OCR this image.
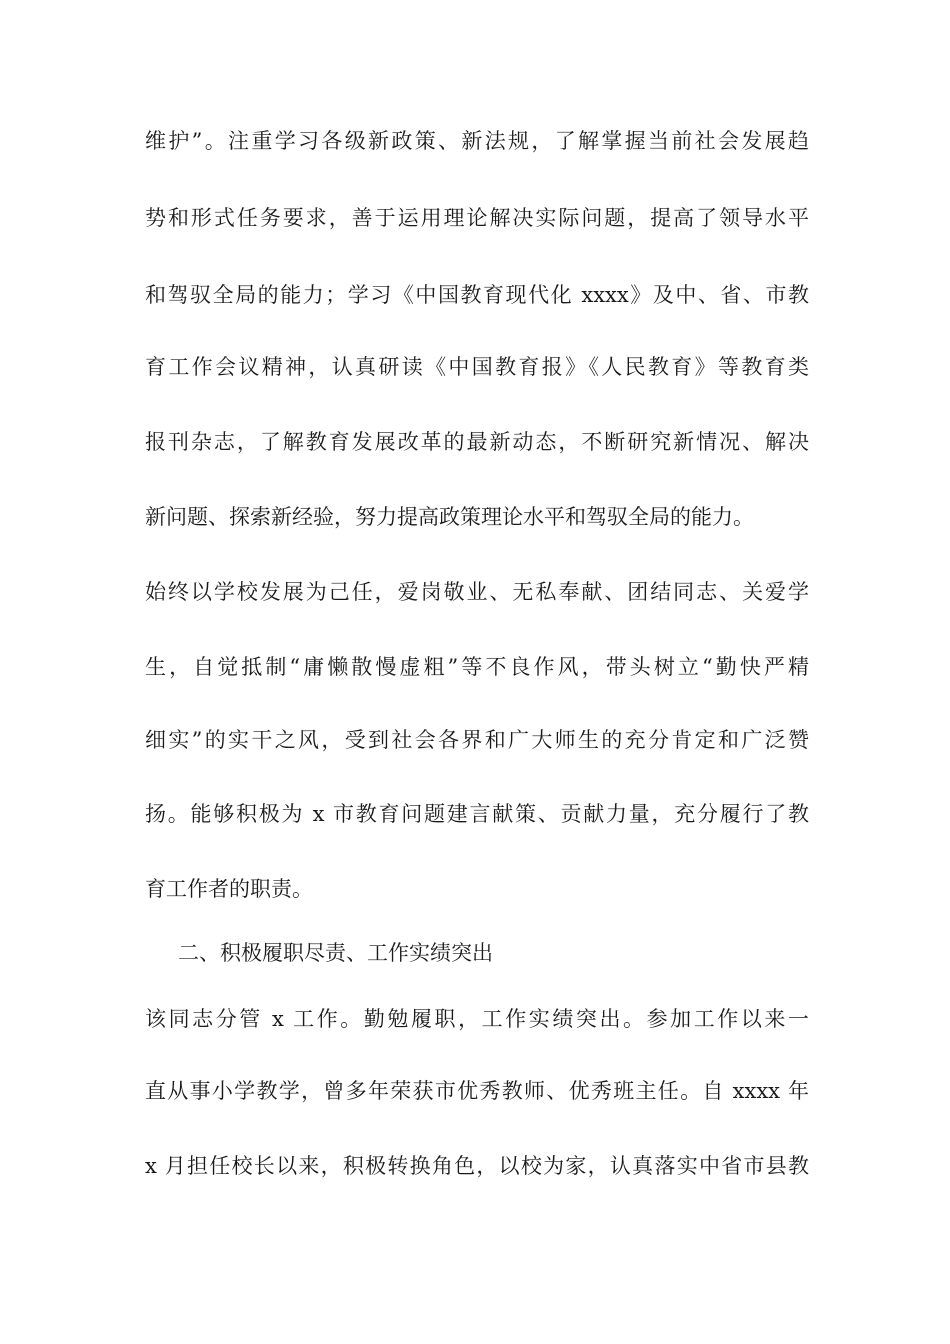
维护”。注重学习各级新政策、新法规，了解掌握当前社会发展趋
势和形式任务要求，善于运用理论解决实际问题，提高了领导水平
和驾驭全局的能力；学习《中国教育现代化 xxxx》及中、省、市教
育工作会议精神，认真研读《中国教育报》《人民教育》等教育类
报刊杂志，了解教育发展改革的最新动态，不断研究新情况、解决
新问题、探索新经验，努力提高政策理论水平和驾驭全局的能力。
始终以学校发展为己任，爱岗敬业、无私奉献、团结同志、关爱学
生，自觉抵制“庸懒散慢虚粗”等不良作风，带头树立“勤快严精
细实”的实干之风，受到社会各界和广大师生的充分肯定和广泛赞
扬。能够积极为 x 市教育问题建言献策、贡献力量，充分履行了教
育工作者的职责。
二、积极履职尽责、工作实绩突出
该同志分管 x 工作。勤勉履职，工作实绩突出。参加工作以来一
直从事小学教学，曾多年荣获市优秀教师、优秀班主任。自 xxxx 年
x 月担任校长以来，积极转换角色，以校为家，认真落实中省市县教
